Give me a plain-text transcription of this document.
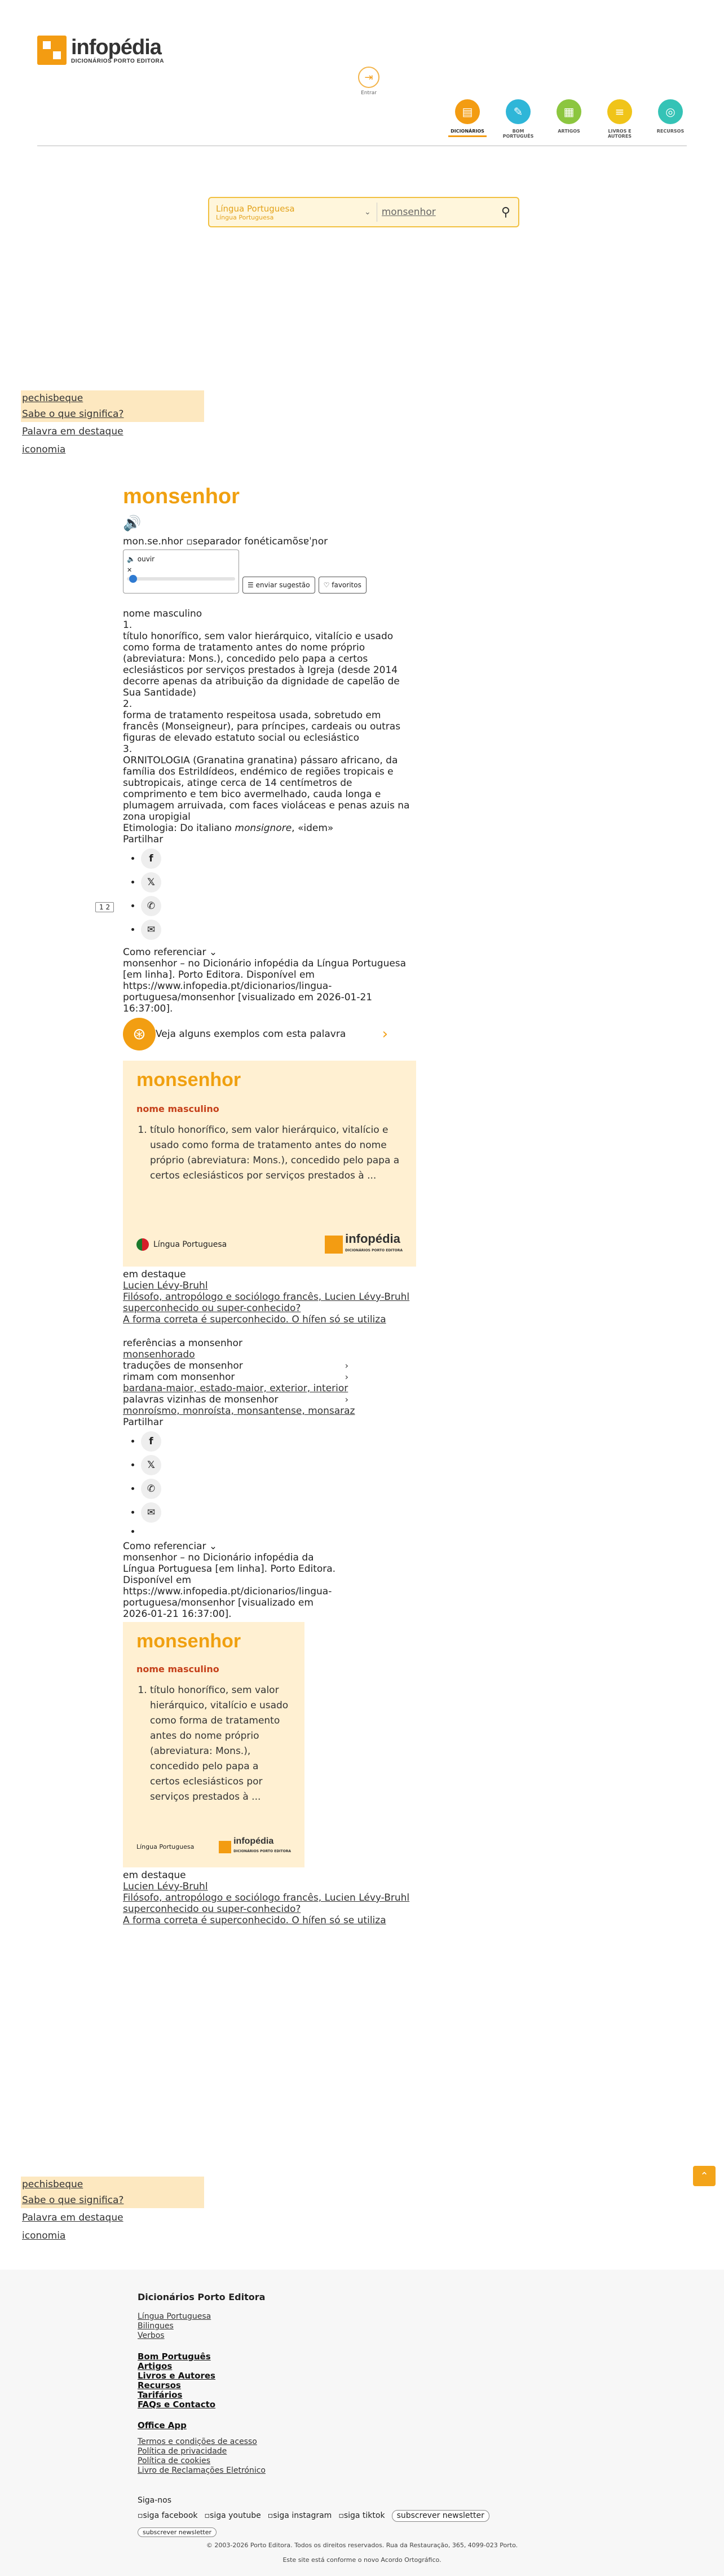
infopédia
DICIONÁRIOS PORTO EDITORA
⇥
Entrar
▤
DICIONÁRIOS
✎
BOM PORTUGUÊS
▦
ARTIGOS
≡
LIVROS E AUTORES
◎
RECURSOS
Língua Portuguesa
Língua Portuguesa
⌄
monsenhor	⚲
pechisbeque
Sabe o que significa?
Palavra em destaque
iconomia
monsenhor
🔊
mon.se.nhor ▫separador fonéticamõsɐˈɲor
🔈 ouvir
✕
☰ enviar sugestão	♡ favoritos
nome masculino
1.
título honorífico, sem valor hierárquico, vitalício e usado como forma de tratamento antes do nome próprio (abreviatura: Mons.), concedido pelo papa a certos eclesiásticos por serviços prestados à Igreja (desde 2014 decorre apenas da atribuição da dignidade de capelão de Sua Santidade)
2.
forma de tratamento respeitosa usada, sobretudo em francês (Monseigneur), para príncipes, cardeais ou outras figuras de elevado estatuto social ou eclesiástico
3.
ORNITOLOGIA (Granatina granatina) pássaro africano, da família dos Estrildídeos, endémico de regiões tropicais e subtropicais, atinge cerca de 14 centímetros de comprimento e tem bico avermelhado, cauda longa e plumagem arruivada, com faces violáceas e penas azuis na zona uropigial
Etimologia: Do italiano monsignore, «idem»
Partilhar
• f
• 𝕏
• ✆
• ✉
Como referenciar ⌄
monsenhor – no Dicionário infopédia da Língua Portuguesa [em linha]. Porto Editora. Disponível em https://www.infopedia.pt/dicionarios/lingua-portuguesa/monsenhor [visualizado em 2026-01-21 16:37:00].
⊛	Veja alguns exemplos com esta palavra ›
monsenhor
nome masculino
1. título honorífico, sem valor hierárquico, vitalício e usado como forma de tratamento antes do nome próprio (abreviatura: Mons.), concedido pelo papa a certos eclesiásticos por serviços prestados à ...
Língua Portuguesa	infopédia
DICIONÁRIOS PORTO EDITORA
em destaque
Lucien Lévy-Bruhl
Filósofo, antropólogo e sociólogo francês, Lucien Lévy-Bruhl
superconhecido ou super-conhecido?
A forma correta é superconhecido. O hífen só se utiliza
referências a monsenhor
monsenhorado
traduções de monsenhor	›
rimam com monsenhor	›
bardana-maior, estado-maior, exterior, interior
palavras vizinhas de monsenhor	›
monroísmo, monroísta, monsantense, monsaraz
Partilhar
• f
• 𝕏
• ✆
• ✉
•
Como referenciar ⌄
monsenhor – no Dicionário infopédia da Língua Portuguesa [em linha]. Porto Editora. Disponível em https://www.infopedia.pt/dicionarios/lingua-portuguesa/monsenhor [visualizado em 2026-01-21 16:37:00].
monsenhor
nome masculino
1. título honorífico, sem valor hierárquico, vitalício e usado como forma de tratamento antes do nome próprio (abreviatura: Mons.), concedido pelo papa a certos eclesiásticos por serviços prestados à ...
Língua Portuguesa
infopédia
DICIONÁRIOS PORTO EDITORA
em destaque
Lucien Lévy-Bruhl
Filósofo, antropólogo e sociólogo francês, Lucien Lévy-Bruhl
superconhecido ou super-conhecido?
A forma correta é superconhecido. O hífen só se utiliza
1 2
pechisbeque
Sabe o que significa?
Palavra em destaque
iconomia
⌃
Dicionários Porto Editora
Língua Portuguesa
Bilingues
Verbos
Bom Português
Artigos
Livros e Autores
Recursos
Tarifários
FAQs e Contacto
Office App
Termos e condições de acesso
Política de privacidade
Política de cookies
Livro de Reclamações Eletrónico
Siga-nos
▫siga facebook ▫siga youtube ▫siga instagram ▫siga tiktok	subscrever newsletter
subscrever newsletter
© 2003-2026 Porto Editora. Todos os direitos reservados. Rua da Restauração, 365, 4099-023 Porto.
Este site está conforme o novo Acordo Ortográfico.
